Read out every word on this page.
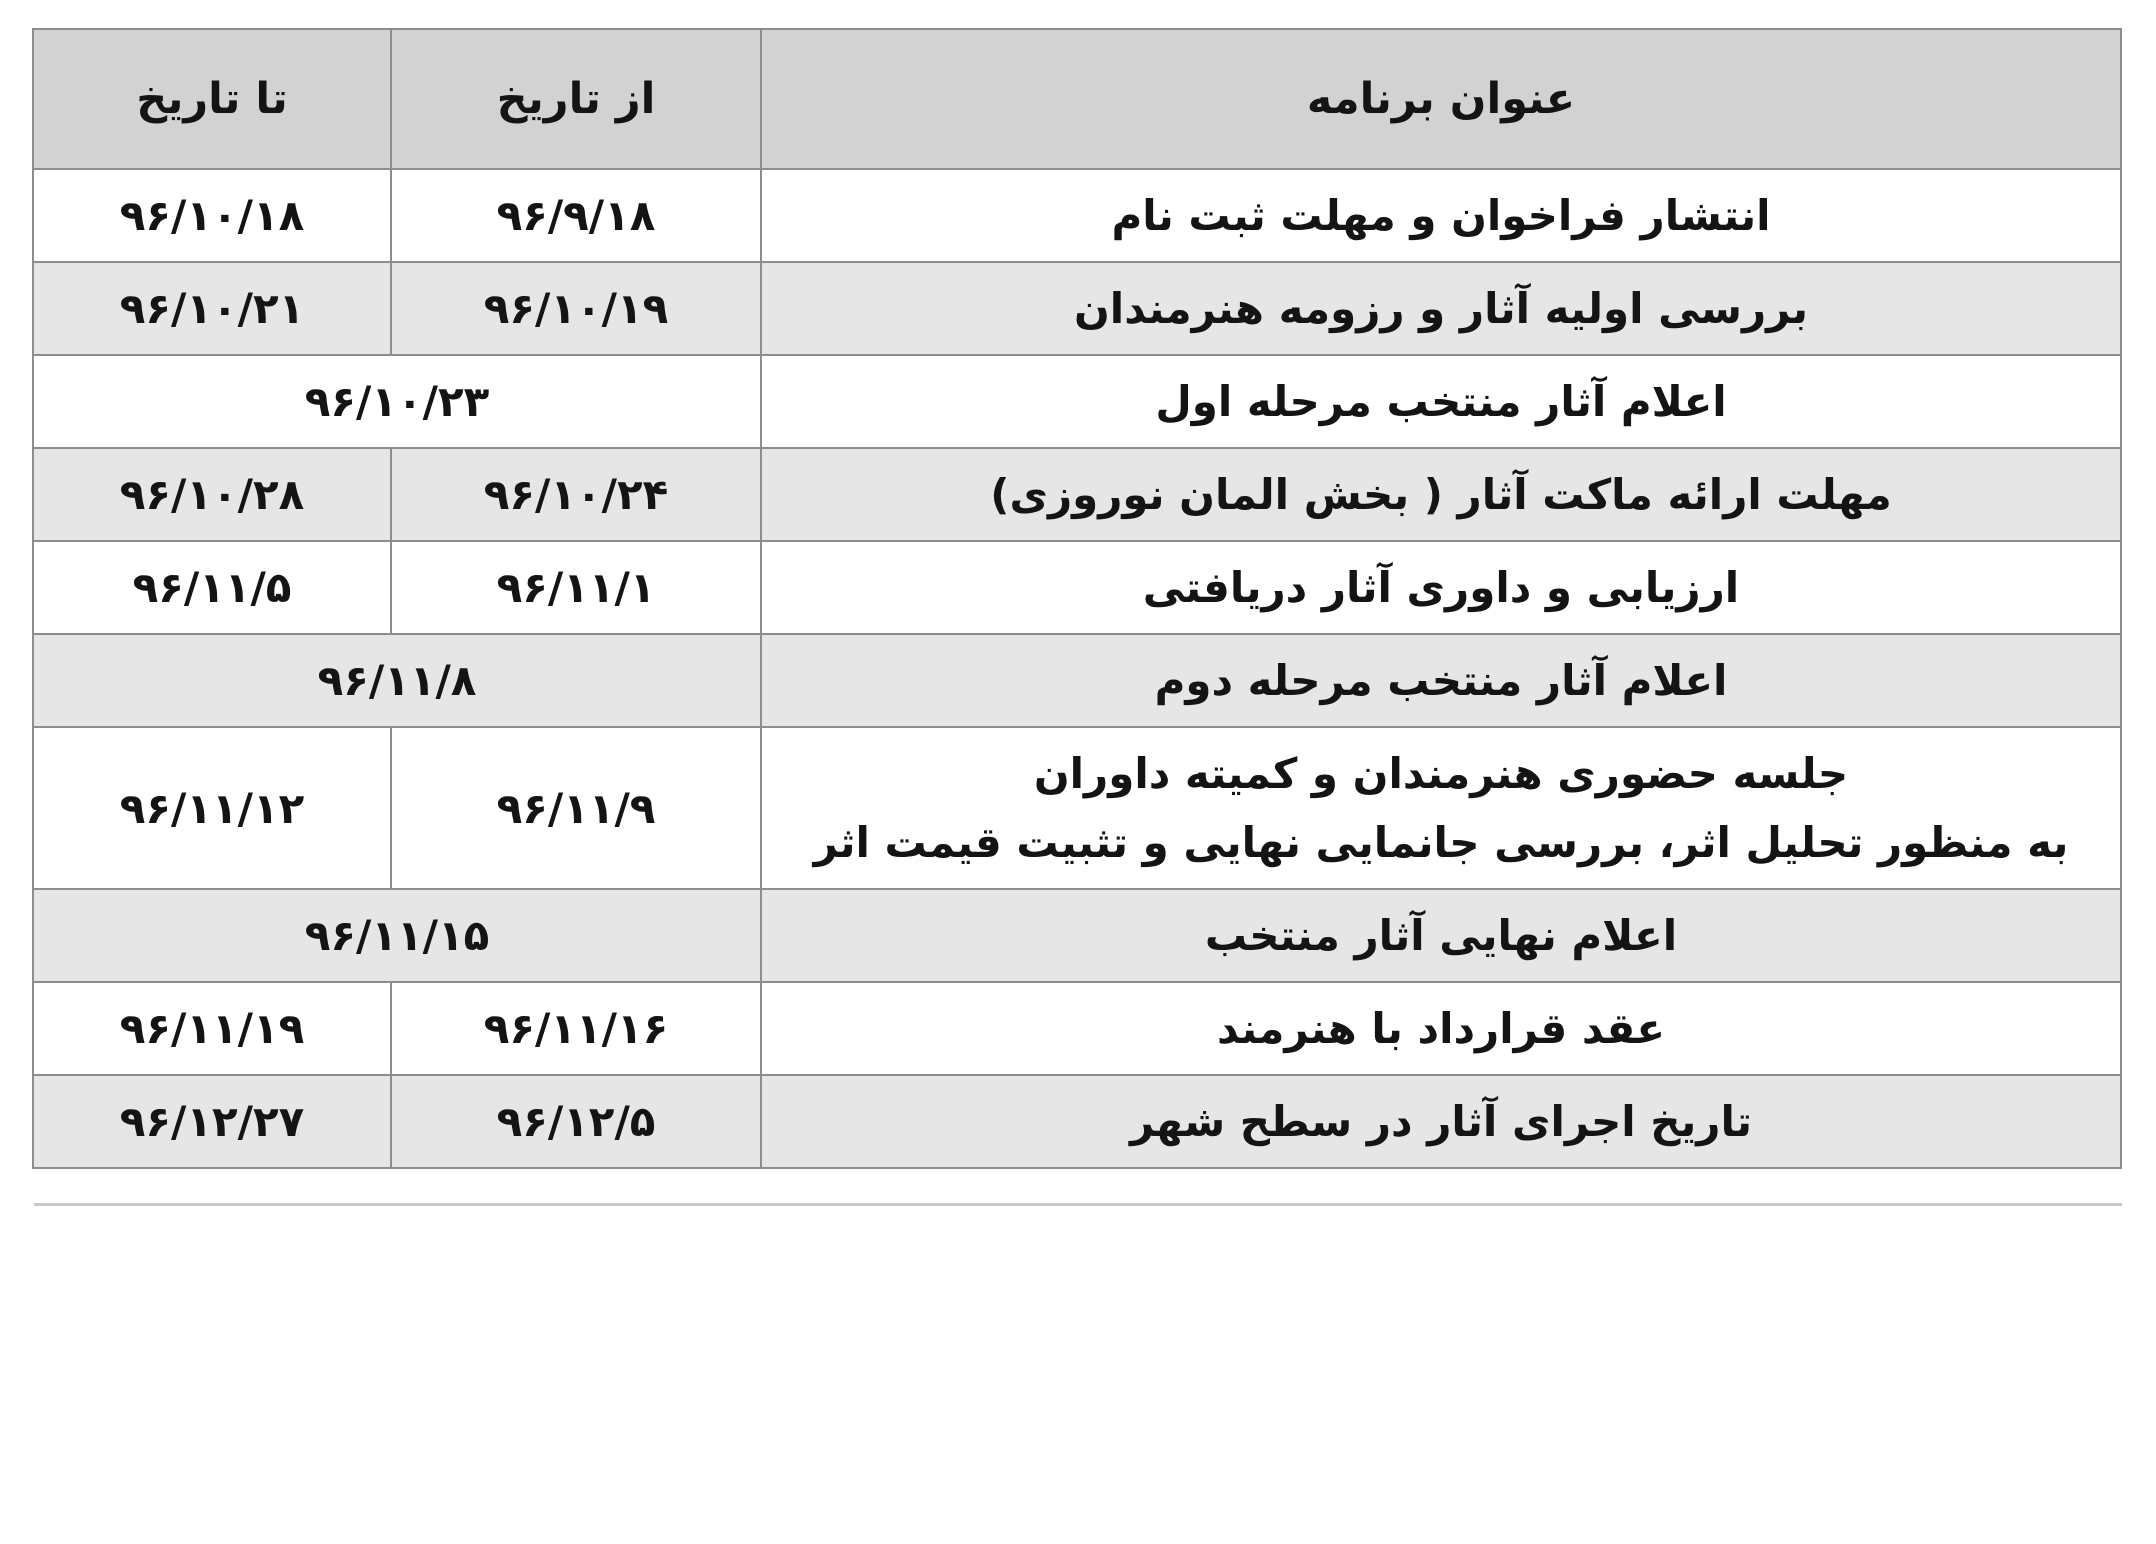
عنوان برنامه	از تاریخ	تا تاریخ

انتشار فراخوان و مهلت ثبت نام	۹۶/۹/۱۸	۹۶/۱۰/۱۸

بررسی اولیه آثار و رزومه هنرمندان	۹۶/۱۰/۱۹	۹۶/۱۰/۲۱

اعلام آثار منتخب مرحله اول	۹۶/۱۰/۲۳	

مهلت ارائه ماکت آثار ( بخش المان نوروزی)	۹۶/۱۰/۲۴	۹۶/۱۰/۲۸

ارزیابی و داوری آثار دریافتی	۹۶/۱۱/۱	۹۶/۱۱/۵

اعلام آثار منتخب مرحله دوم	۹۶/۱۱/۸	

جلسه حضوری هنرمندان و کمیته داوران
به منظور تحلیل اثر، بررسی جانمایی نهایی و تثبیت قیمت اثر	۹۶/۱۱/۹	۹۶/۱۱/۱۲

اعلام نهایی آثار منتخب	۹۶/۱۱/۱۵	

عقد قرارداد با هنرمند	۹۶/۱۱/۱۶	۹۶/۱۱/۱۹

تاریخ اجرای آثار در سطح شهر	۹۶/۱۲/۵	۹۶/۱۲/۲۷
